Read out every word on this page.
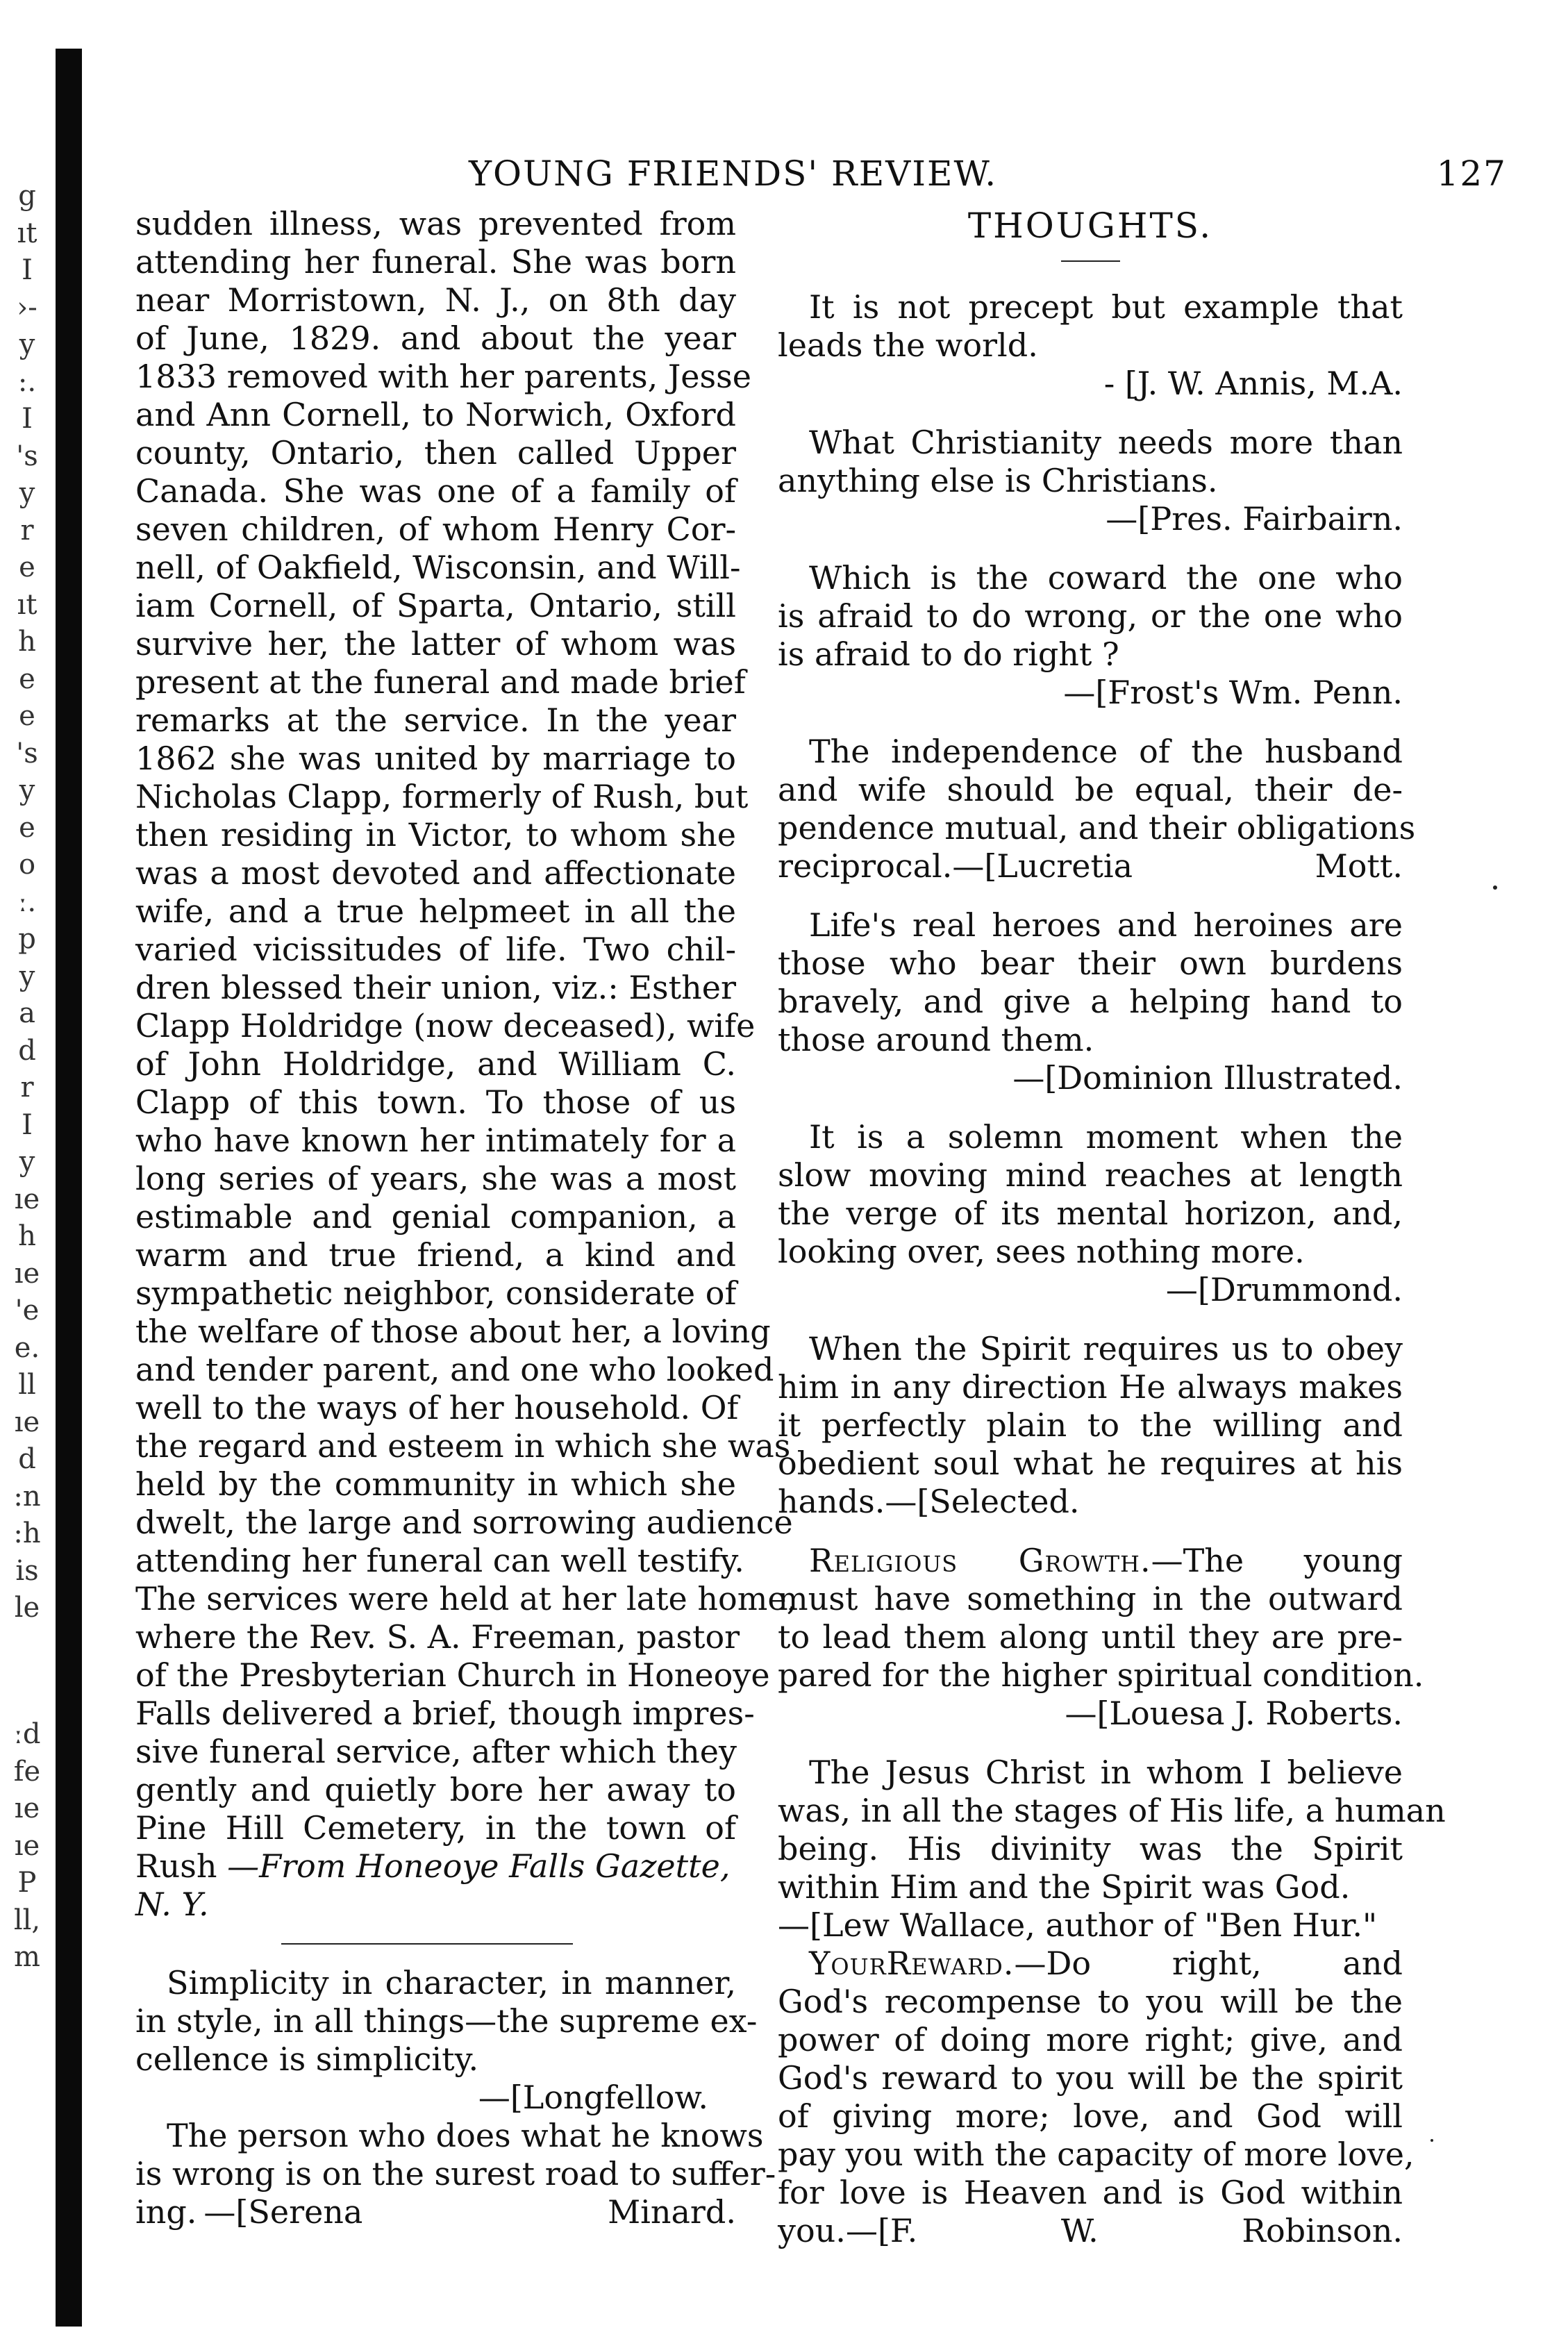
g
ıt
I
›-
y
:.
I
's
y
r
e
ıt
h
e
e
's
y
e
o
ː.
p
y
a
d
r
I
y
ıe
h
ıe
'e
e.
ll
ıe
d
:n
:h
is
le
ːd
fe
ıe
ıe
P
ll,
m
YOUNG FRIENDS' REVIEW.	127
sudden illness, was prevented from
attending her funeral. She was born
near Morristown, N. J., on 8th day
of June, 1829. and about the year
1833 removed with her parents, Jesse
and Ann Cornell, to Norwich, Oxford
county, Ontario, then called Upper
Canada. She was one of a family of
seven children, of whom Henry Cor-
nell, of Oakfield, Wisconsin, and Will-
iam Cornell, of Sparta, Ontario, still
survive her, the latter of whom was
present at the funeral and made brief
remarks at the service. In the year
1862 she was united by marriage to
Nicholas Clapp, formerly of Rush, but
then residing in Victor, to whom she
was a most devoted and affectionate
wife, and a true helpmeet in all the
varied vicissitudes of life. Two chil-
dren blessed their union, viz.: Esther
Clapp Holdridge (now deceased), wife
of John Holdridge, and William C.
Clapp of this town. To those of us
who have known her intimately for a
long series of years, she was a most
estimable and genial companion, a
warm and true friend, a kind and
sympathetic neighbor, considerate of
the welfare of those about her, a loving
and tender parent, and one who looked
well to the ways of her household. Of
the regard and esteem in which she was
held by the community in which she
dwelt, the large and sorrowing audience
attending her funeral can well testify.
The services were held at her late home,
where the Rev. S. A. Freeman, pastor
of the Presbyterian Church in Honeoye
Falls delivered a brief, though impres-
sive funeral service, after which they
gently and quietly bore her away to
Pine Hill Cemetery, in the town of
Rush —From Honeoye Falls Gazette,
N. Y.
Simplicity in character, in manner,
in style, in all things—the supreme ex-
cellence is simplicity.
—[Longfellow.
The person who does what he knows
is wrong is on the surest road to suffer-
ing. —[Serena Minard.
THOUGHTS.
It is not precept but example that
leads the world.
- [J. W. Annis, M.A.
What Christianity needs more than
anything else is Christians.
—[Pres. Fairbairn.
Which is the coward the one who
is afraid to do wrong, or the one who
is afraid to do right ?
—[Frost's Wm. Penn.
The independence of the husband
and wife should be equal, their de-
pendence mutual, and their obligations
reciprocal.—[Lucretia Mott.
Life's real heroes and heroines are
those who bear their own burdens
bravely, and give a helping hand to
those around them.
—[Dominion Illustrated.
It is a solemn moment when the
slow moving mind reaches at length
the verge of its mental horizon, and,
looking over, sees nothing more.
—[Drummond.
When the Spirit requires us to obey
him in any direction He always makes
it perfectly plain to the willing and
obedient soul what he requires at his
hands.—[Selected.
Religious Growth.—The young
must have something in the outward
to lead them along until they are pre-
pared for the higher spiritual condition.
—[Louesa J. Roberts.
The Jesus Christ in whom I believe
was, in all the stages of His life, a human
being. His divinity was the Spirit
within Him and the Spirit was God.
—[Lew Wallace, author of "Ben Hur."
YourReward.—Do right, and
God's recompense to you will be the
power of doing more right; give, and
God's reward to you will be the spirit
of giving more; love, and God will
pay you with the capacity of more love,
for love is Heaven and is God within
you.—[F. W. Robinson.
